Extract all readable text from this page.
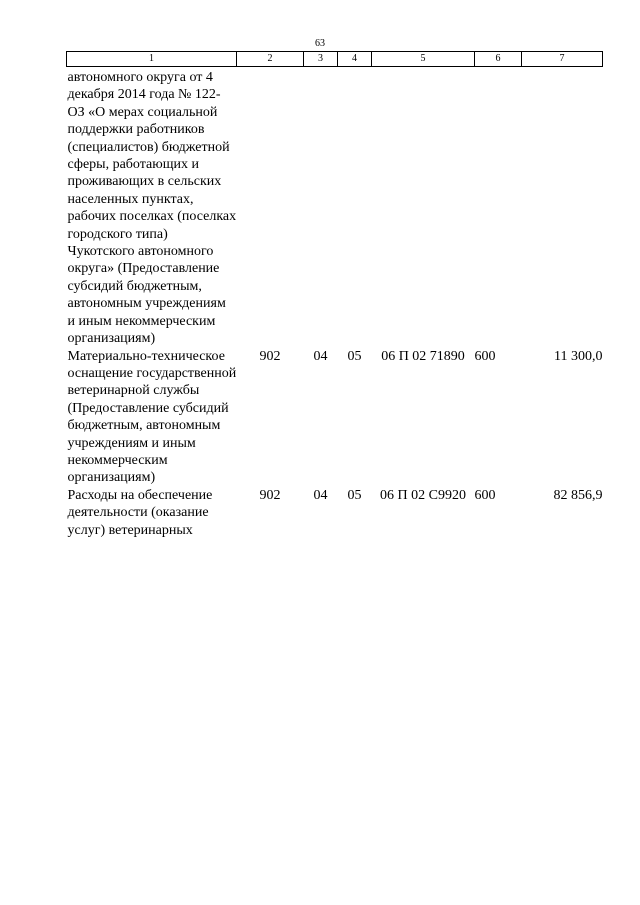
63
1	2	3	4	5	6	7
автономного округа от 4 декабря 2014 года № 122-ОЗ «О мерах социальной поддержки работников (специалистов) бюджетной сферы, работающих и проживающих в сельских населенных пунктах, рабочих поселках (поселках городского типа) Чукотского автономного округа» (Предоставление субсидий бюджетным, автономным учреждениям и иным некоммерческим организациям)						
Материально-техническое оснащение государственной ветеринарной службы (Предоставление субсидий бюджетным, автономным учреждениям и иным некоммерческим организациям)	902	04	05	06 П 02 71890	600	11 300,0
Расходы на обеспечение деятельности (оказание услуг) ветеринарных	902	04	05	06 П 02 С9920	600	82 856,9
